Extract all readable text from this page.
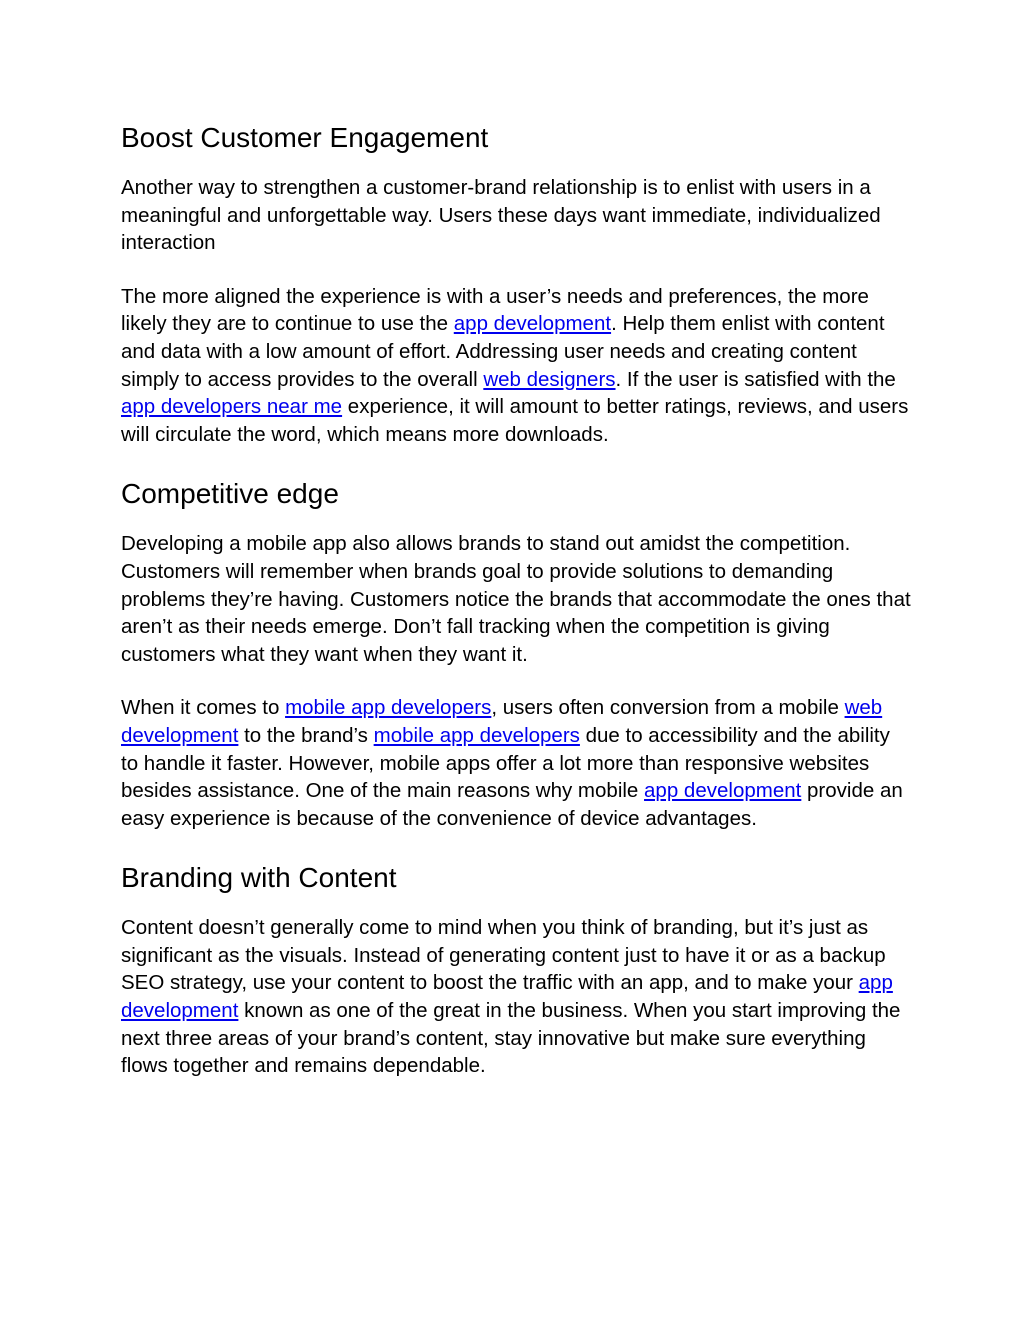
Boost Customer Engagement

Another way to strengthen a customer-brand relationship is to enlist with users in a meaningful and unforgettable way. Users these days want immediate, individualized interaction

The more aligned the experience is with a user’s needs and preferences, the more likely they are to continue to use the app development. Help them enlist with content and data with a low amount of effort. Addressing user needs and creating content simply to access provides to the overall web designers. If the user is satisfied with the app developers near me experience, it will amount to better ratings, reviews, and users will circulate the word, which means more downloads.

Competitive edge

Developing a mobile app also allows brands to stand out amidst the competition. Customers will remember when brands goal to provide solutions to demanding problems they’re having. Customers notice the brands that accommodate the ones that aren’t as their needs emerge. Don’t fall tracking when the competition is giving customers what they want when they want it.

When it comes to mobile app developers, users often conversion from a mobile web development to the brand’s mobile app developers due to accessibility and the ability to handle it faster. However, mobile apps offer a lot more than responsive websites besides assistance. One of the main reasons why mobile app development provide an easy experience is because of the convenience of device advantages.

Branding with Content

Content doesn’t generally come to mind when you think of branding, but it’s just as significant as the visuals. Instead of generating content just to have it or as a backup SEO strategy, use your content to boost the traffic with an app, and to make your app development known as one of the great in the business. When you start improving the next three areas of your brand’s content, stay innovative but make sure everything flows together and remains dependable.
